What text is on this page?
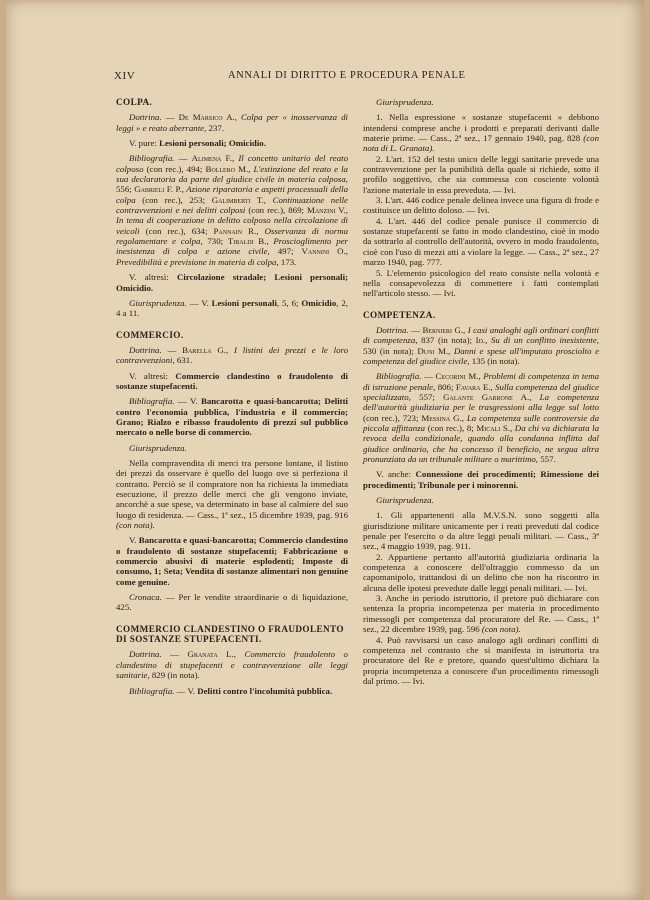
XIV	ANNALI DI DIRITTO E PROCEDURA PENALE

COLPA.

Dottrina. — De Marsico A., Colpa per « inosservanza di leggi » e reato aberrante, 237.

V. pure: Lesioni personali; Omicidio.

Bibliografia. — Alimena F., Il concetto unitario del reato colposo (con rec.), 494; Bollero M., L'estinzione del reato e la sua declaratoria da parte del giudice civile in materia colposa, 556; Gabrieli F. P., Azione riparatoria e aspetti processuali della colpa (con rec.), 253; Galimberti T., Continuazione nelle contravvenzioni e nei delitti colposi (con rec.), 869; Manzini V., In tema di cooperazione in delitto colposo nella circolazione di veicoli (con rec.), 634; Pannain R., Osservanza di norma regolamentare e colpa, 730; Tibaldi B., Proscioglimento per inesistenza di colpa e azione civile, 497; Vannini O., Prevedibilità e previsione in materia di colpa, 173.

V. altresì: Circolazione stradale; Lesioni personali; Omicidio.

Giurisprudenza. — V. Lesioni personali, 5, 6; Omicidio, 2, 4 a 11.

COMMERCIO.

Dottrina. — Barella G., I listini dei prezzi e le loro contravvenzioni, 631.

V. altresì: Commercio clandestino o fraudolento di sostanze stupefacenti.

Bibliografia. — V. Bancarotta e quasi-bancarotta; Delitti contro l'economia pubblica, l'industria e il commercio; Grano; Rialzo e ribasso fraudolento di prezzi sul pubblico mercato o nelle borse di commercio.

Giurisprudenza.

Nella compravendita di merci tra persone lontane, il listino dei prezzi da osservare è quello del luogo ove si perfeziona il contratto. Perciò se il compratore non ha richiesta la immediata esecuzione, il prezzo delle merci che gli vengono inviate, ancorchè a sue spese, va determinato in base al calmiere del suo luogo di residenza. — Cass., 1ª sez., 15 dicembre 1939, pag. 916 (con nota).

V. Bancarotta e quasi-bancarotta; Commercio clandestino o fraudolento di sostanze stupefacenti; Fabbricazione o commercio abusivi di materie esplodenti; Imposte di consumo, 1; Seta; Vendita di sostanze alimentari non genuine come genuine.

Cronaca. — Per le vendite straordinarie o di liquidazione, 425.

COMMERCIO CLANDESTINO O FRAUDOLENTO DI SOSTANZE STUPEFACENTI.

Dottrina. — Granata L., Commercio fraudolento o clandestino di stupefacenti e contravvenzione alle leggi sanitarie, 829 (in nota).

Bibliografia. — V. Delitti contro l'incolumità pubblica.

Giurisprudenza.

1. Nella espressione « sostanze stupefacenti » debbono intendersi comprese anche i prodotti e preparati derivanti dalle materie prime. — Cass., 2ª sez., 17 gennaio 1940, pag. 828 (con nota di L. Granata).

2. L'art. 152 del testo unico delle leggi sanitarie prevede una contravvenzione per la punibilità della quale si richiede, sotto il profilo soggettivo, che sia commessa con cosciente volontà l'azione materiale in essa preveduta. — Ivi.

3. L'art. 446 codice penale delinea invece una figura di frode e costituisce un delitto doloso. — Ivi.

4. L'art. 446 del codice penale punisce il commercio di sostanze stupefacenti se fatto in modo clandestino, cioè in modo da sottrarlo al controllo dell'autorità, ovvero in modo fraudolento, cioè con l'uso di mezzi atti a violare la legge. — Cass., 2ª sez., 27 marzo 1940, pag. 777.

5. L'elemento psicologico del reato consiste nella volontà e nella consapevolezza di commettere i fatti contemplati nell'articolo stesso. — Ivi.

COMPETENZA.

Dottrina. — Bernieri G., I casi analoghi agli ordinari conflitti di competenza, 837 (in nota); Id., Su di un conflitto inesistente, 530 (in nota); Duni M., Danni e spese all'imputato prosciolto e competenza del giudice civile, 135 (in nota).

Bibliografia. — Cecorini M., Problemi di competenza in tema di istruzione penale, 806; Favara E., Sulla competenza del giudice specializzato, 557; Galante Garrone A., La competenza dell'autorità giudiziaria per le trasgressioni alla legge sul lotto (con rec.), 723; Messina G., La competenza sulle controversie da piccola affittanza (con rec.), 8; Micali S., Da chi va dichiarata la revoca della condizionale, quando alla condanna inflitta dal giudice ordinario, che ha concesso il beneficio, ne segua altra pronunziata da un tribunale militare o marittimo, 557.

V. anche: Connessione dei procedimenti; Rimessione dei procedimenti; Tribunale per i minorenni.

Giurisprudenza.

1. Gli appartenenti alla M.V.S.N. sono soggetti alla giurisdizione militare unicamente per i reati preveduti dal codice penale per l'esercito o da altre leggi penali militari. — Cass., 3ª sez., 4 maggio 1939, pag. 911.

2. Appartiene pertanto all'autorità giudiziaria ordinaria la competenza a conoscere dell'oltraggio commesso da un capomanipolo, trattandosi di un delitto che non ha riscontro in alcuna delle ipotesi prevedute dalle leggi penali militari. — Ivi.

3. Anche in periodo istruttorio, il pretore può dichiarare con sentenza la propria incompetenza per materia in procedimento rimessogli per competenza dal procuratore del Re. — Cass., 1ª sez., 22 dicembre 1939, pag. 596 (con nota).

4. Può ravvisarsi un caso analogo agli ordinari conflitti di competenza nel contrasto che si manifesta in istruttoria tra procuratore del Re e pretore, quando quest'ultimo dichiara la propria incompetenza a conoscere d'un procedimento rimessogli dal primo. — Ivi.
